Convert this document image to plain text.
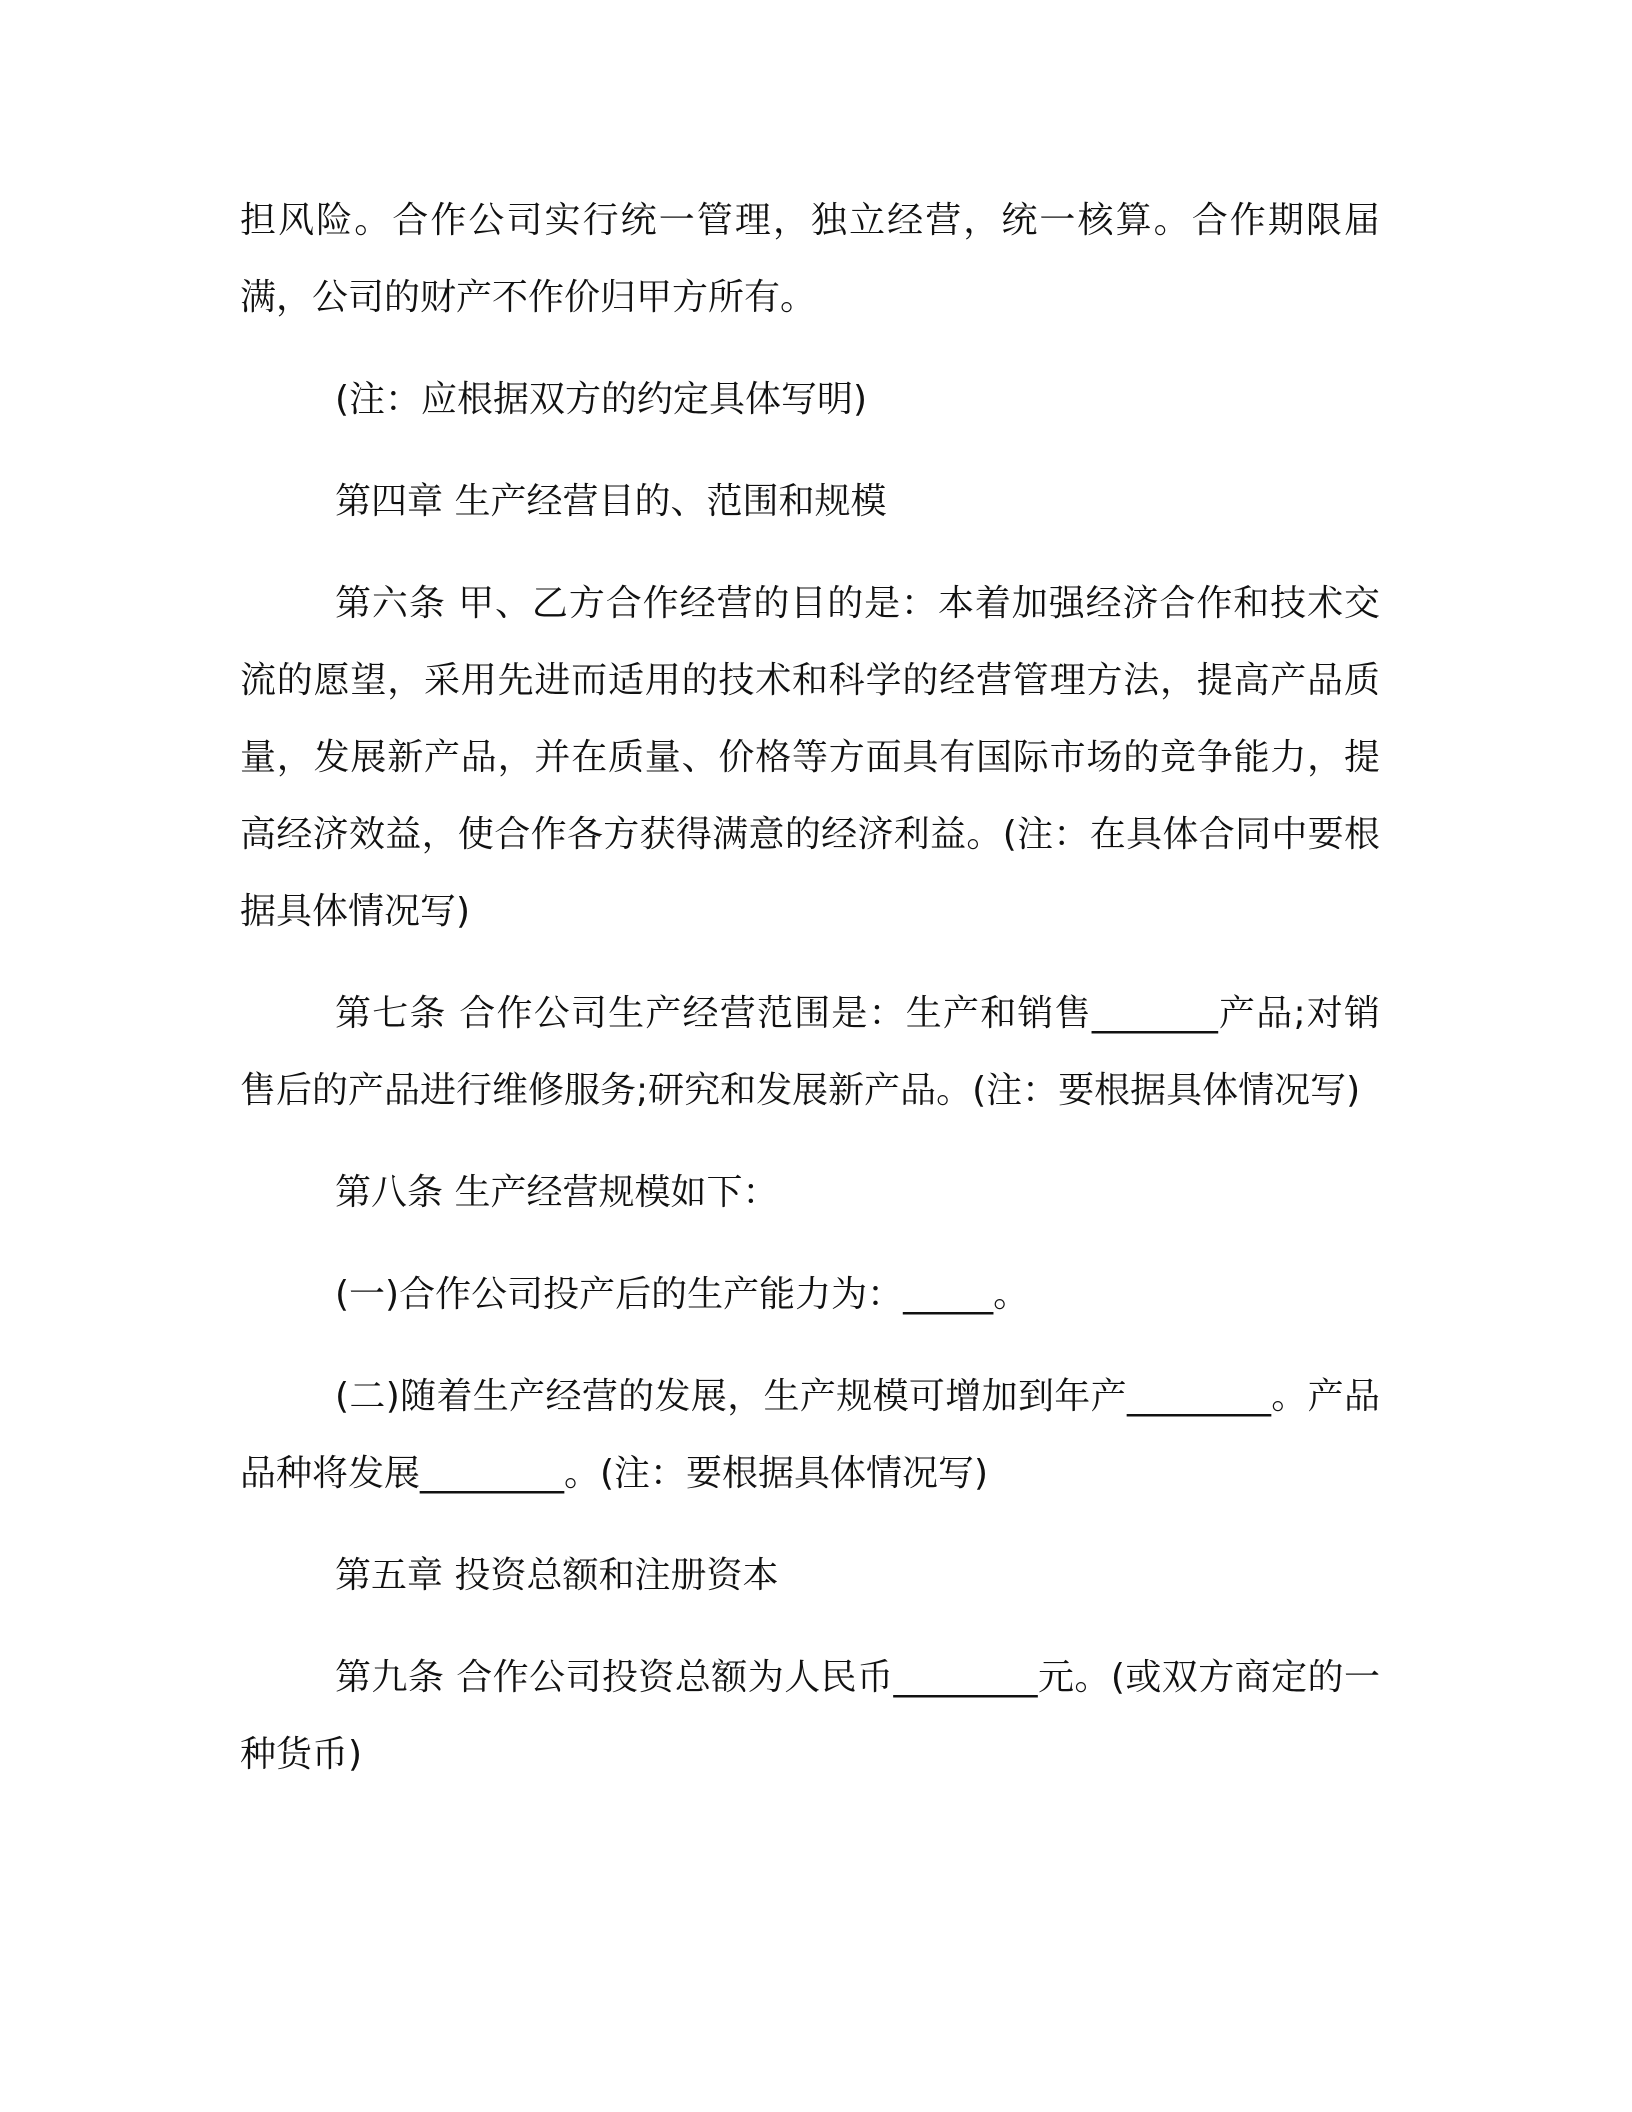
担风险。合作公司实行统一管理，独立经营，统一核算。合作期限届满，公司的财产不作价归甲方所有。

(注：应根据双方的约定具体写明)

第四章 生产经营目的、范围和规模

第六条 甲、乙方合作经营的目的是：本着加强经济合作和技术交流的愿望，采用先进而适用的技术和科学的经营管理方法，提高产品质量，发展新产品，并在质量、价格等方面具有国际市场的竞争能力，提高经济效益，使合作各方获得满意的经济利益。(注：在具体合同中要根据具体情况写)

第七条 合作公司生产经营范围是：生产和销售_______产品;对销售后的产品进行维修服务;研究和发展新产品。(注：要根据具体情况写)

第八条 生产经营规模如下：

(一)合作公司投产后的生产能力为：_____。

(二)随着生产经营的发展，生产规模可增加到年产________。产品品种将发展________。(注：要根据具体情况写)

第五章 投资总额和注册资本

第九条 合作公司投资总额为人民币________元。(或双方商定的一种货币)
